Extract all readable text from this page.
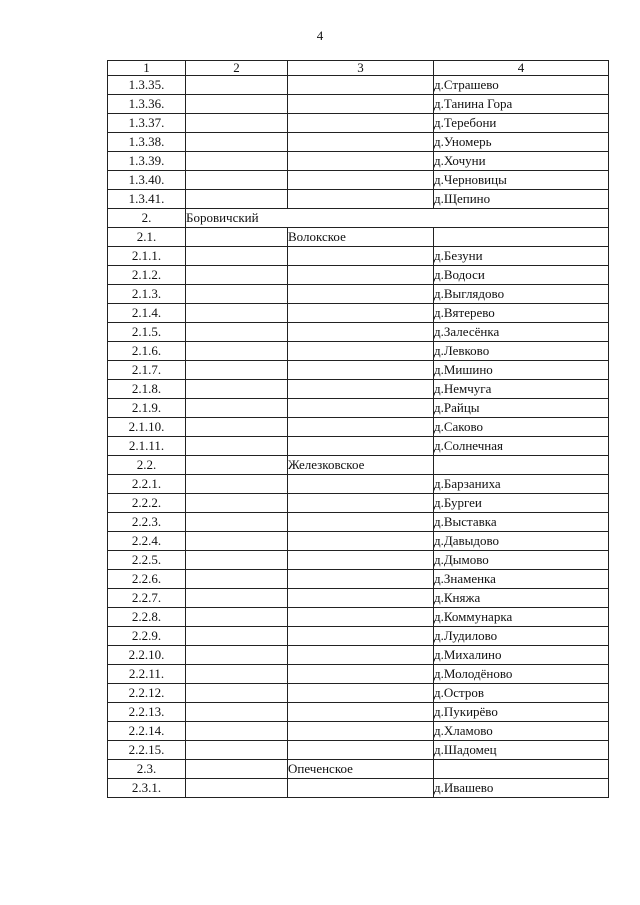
4
1	2	3	4
1.3.35.			д.Страшево
1.3.36.			д.Танина Гора
1.3.37.			д.Теребони
1.3.38.			д.Уномерь
1.3.39.			д.Хочуни
1.3.40.			д.Черновицы
1.3.41.			д.Щепино
2.	Боровичский		
2.1.		Волокское	
2.1.1.			д.Безуни
2.1.2.			д.Водоси
2.1.3.			д.Выглядово
2.1.4.			д.Вятерево
2.1.5.			д.Залесёнка
2.1.6.			д.Левково
2.1.7.			д.Мишино
2.1.8.			д.Немчуга
2.1.9.			д.Райцы
2.1.10.			д.Саково
2.1.11.			д.Солнечная
2.2.		Железковское	
2.2.1.			д.Барзаниха
2.2.2.			д.Бургеи
2.2.3.			д.Выставка
2.2.4.			д.Давыдово
2.2.5.			д.Дымово
2.2.6.			д.Знаменка
2.2.7.			д.Княжа
2.2.8.			д.Коммунарка
2.2.9.			д.Лудилово
2.2.10.			д.Михалино
2.2.11.			д.Молодёново
2.2.12.			д.Остров
2.2.13.			д.Пукирёво
2.2.14.			д.Хламово
2.2.15.			д.Шадомец
2.3.		Опеченское	
2.3.1.			д.Ивашево
